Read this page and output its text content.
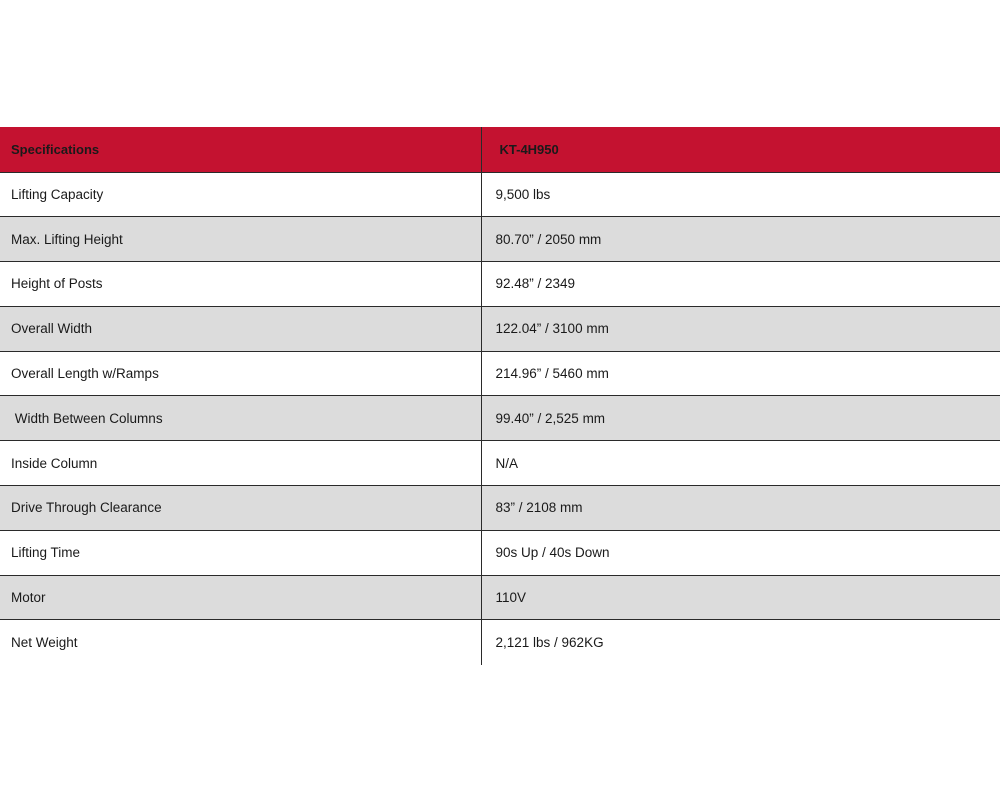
Specifications	KT-4H950
Lifting Capacity	9,500 lbs
Max. Lifting Height	80.70” / 2050 mm
Height of Posts	92.48” / 2349
Overall Width	122.04” / 3100 mm
Overall Length w/Ramps	214.96” / 5460 mm
Width Between Columns	99.40” / 2,525 mm
Inside Column	N/A
Drive Through Clearance	83” / 2108 mm
Lifting Time	90s Up / 40s Down
Motor	110V
Net Weight	2,121 lbs / 962KG
